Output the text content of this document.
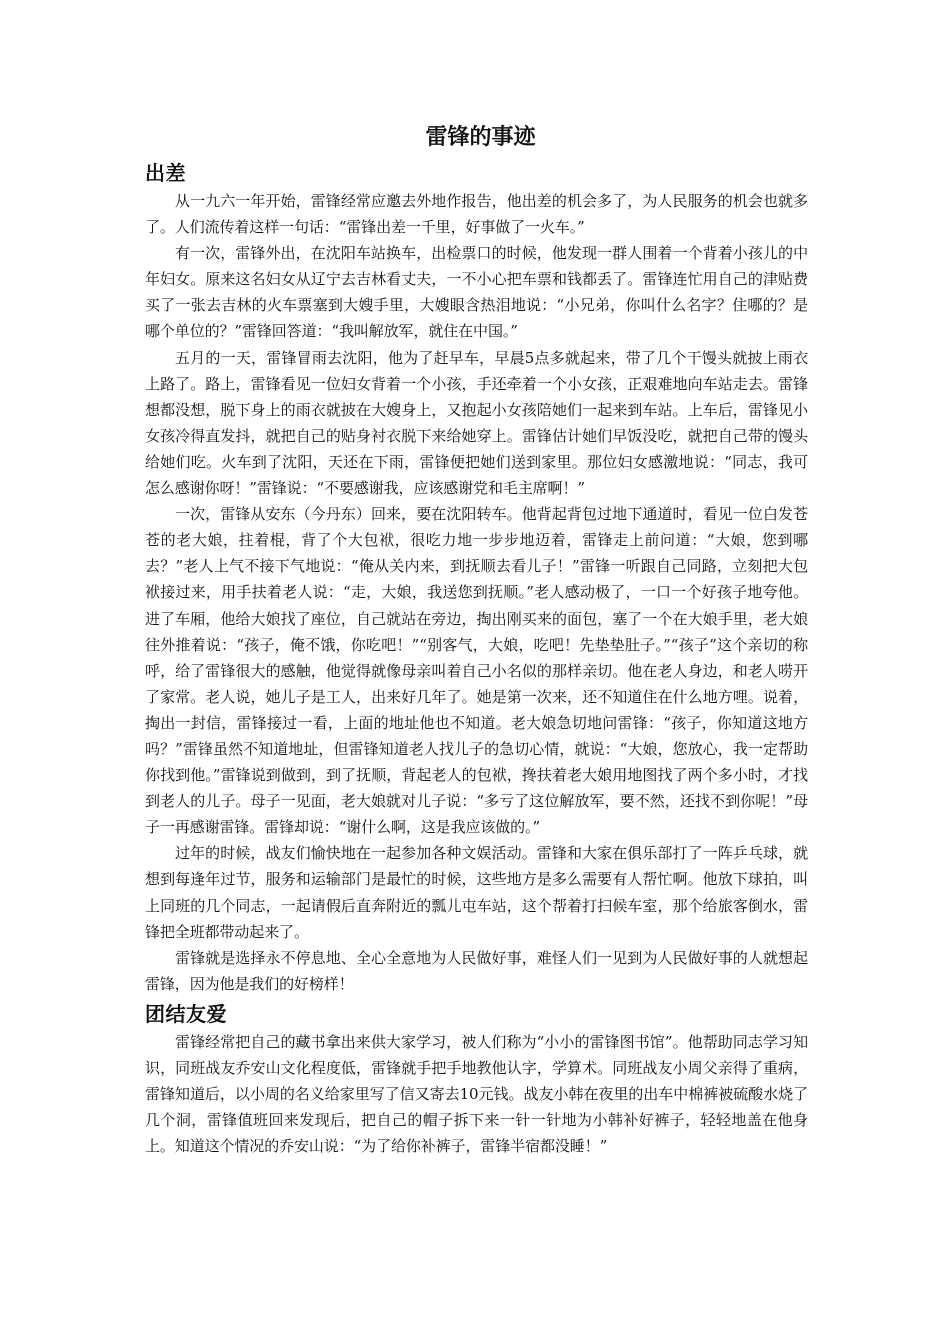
雷锋的事迹
出差

从一九六一年开始，雷锋经常应邀去外地作报告，他出差的机会多了，为人民服务的机会也就多了。人们流传着这样一句话：“雷锋出差一千里，好事做了一火车。”

有一次，雷锋外出，在沈阳车站换车，出检票口的时候，他发现一群人围着一个背着小孩儿的中年妇女。原来这名妇女从辽宁去吉林看丈夫，一不小心把车票和钱都丢了。雷锋连忙用自己的津贴费买了一张去吉林的火车票塞到大嫂手里，大嫂眼含热泪地说：“小兄弟，你叫什么名字？住哪的？是哪个单位的？”雷锋回答道：“我叫解放军，就住在中国。”

五月的一天，雷锋冒雨去沈阳，他为了赶早车，早晨5点多就起来，带了几个干馒头就披上雨衣上路了。路上，雷锋看见一位妇女背着一个小孩，手还牵着一个小女孩，正艰难地向车站走去。雷锋想都没想，脱下身上的雨衣就披在大嫂身上，又抱起小女孩陪她们一起来到车站。上车后，雷锋见小女孩冷得直发抖，就把自己的贴身衬衣脱下来给她穿上。雷锋估计她们早饭没吃，就把自己带的馒头给她们吃。火车到了沈阳，天还在下雨，雷锋便把她们送到家里。那位妇女感激地说：“同志，我可怎么感谢你呀！”雷锋说：“不要感谢我，应该感谢党和毛主席啊！”

一次，雷锋从安东（今丹东）回来，要在沈阳转车。他背起背包过地下通道时，看见一位白发苍苍的老大娘，拄着棍，背了个大包袱，很吃力地一步步地迈着，雷锋走上前问道：“大娘，您到哪去？”老人上气不接下气地说：“俺从关内来，到抚顺去看儿子！”雷锋一听跟自己同路，立刻把大包袱接过来，用手扶着老人说：“走，大娘，我送您到抚顺。”老人感动极了，一口一个好孩子地夸他。进了车厢，他给大娘找了座位，自己就站在旁边，掏出刚买来的面包，塞了一个在大娘手里，老大娘往外推着说：“孩子，俺不饿，你吃吧！”“别客气，大娘，吃吧！先垫垫肚子。”“孩子”这个亲切的称呼，给了雷锋很大的感触，他觉得就像母亲叫着自己小名似的那样亲切。他在老人身边，和老人唠开了家常。老人说，她儿子是工人，出来好几年了。她是第一次来，还不知道住在什么地方哩。说着，掏出一封信，雷锋接过一看，上面的地址他也不知道。老大娘急切地问雷锋：“孩子，你知道这地方吗？”雷锋虽然不知道地址，但雷锋知道老人找儿子的急切心情，就说：“大娘，您放心，我一定帮助你找到他。”雷锋说到做到，到了抚顺，背起老人的包袱，搀扶着老大娘用地图找了两个多小时，才找到老人的儿子。母子一见面，老大娘就对儿子说：“多亏了这位解放军，要不然，还找不到你呢！”母子一再感谢雷锋。雷锋却说：“谢什么啊，这是我应该做的。”

过年的时候，战友们愉快地在一起参加各种文娱活动。雷锋和大家在俱乐部打了一阵乒乓球，就想到每逢年过节，服务和运输部门是最忙的时候，这些地方是多么需要有人帮忙啊。他放下球拍，叫上同班的几个同志，一起请假后直奔附近的瓢儿屯车站，这个帮着打扫候车室，那个给旅客倒水，雷锋把全班都带动起来了。

雷锋就是选择永不停息地、全心全意地为人民做好事，难怪人们一见到为人民做好事的人就想起雷锋，因为他是我们的好榜样！

团结友爱

雷锋经常把自己的藏书拿出来供大家学习，被人们称为“小小的雷锋图书馆”。他帮助同志学习知识，同班战友乔安山文化程度低，雷锋就手把手地教他认字，学算术。同班战友小周父亲得了重病，雷锋知道后，以小周的名义给家里写了信又寄去10元钱。战友小韩在夜里的出车中棉裤被硫酸水烧了几个洞，雷锋值班回来发现后，把自己的帽子拆下来一针一针地为小韩补好裤子，轻轻地盖在他身上。知道这个情况的乔安山说：“为了给你补裤子，雷锋半宿都没睡！”
